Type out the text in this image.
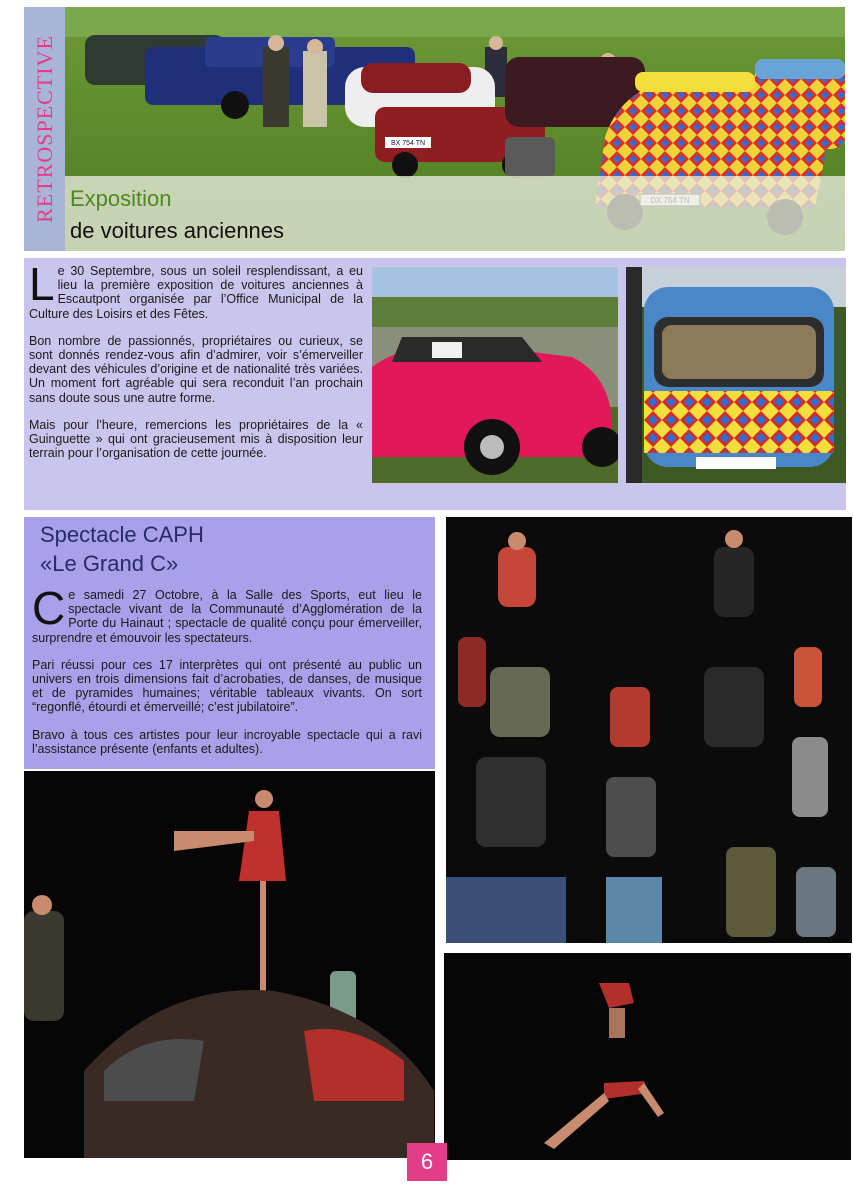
RETROSPECTIVE	BX 754 TN
Exposition
de voitures anciennes

Le 30 Septembre, sous un soleil resplendissant, a eu lieu la première exposition de voitures anciennes à Escautpont organisée par l’Office Municipal de la Culture des Loisirs et des Fêtes.

Bon nombre de passionnés, propriétaires ou curieux, se sont donnés rendez-vous afin d’admirer, voir s’émerveiller devant des véhicules d’origine et de nationalité très variées. Un moment fort agréable qui sera reconduit l’an prochain sans doute sous une autre forme.

Mais pour l’heure, remercions les propriétaires de la « Guinguette » qui ont gracieusement mis à disposition leur terrain pour l’organisation de cette journée.

Spectacle CAPH
«Le Grand C»

Ce samedi 27 Octobre, à la Salle des Sports, eut lieu le spectacle vivant de la Communauté d’Agglomération de la Porte du Hainaut ; spectacle de qualité conçu pour émerveiller, surprendre et émouvoir les spectateurs.

Pari réussi pour ces 17 interprètes qui ont présenté au public un univers en trois dimensions fait d’acrobaties, de danses, de musique et de pyramides humaines; véritable tableaux vivants. On sort “regonflé, étourdi et émerveillé; c’est jubilatoire”.

Bravo à tous ces artistes pour leur incroyable spectacle qui a ravi l’assistance présente (enfants et adultes).

6
